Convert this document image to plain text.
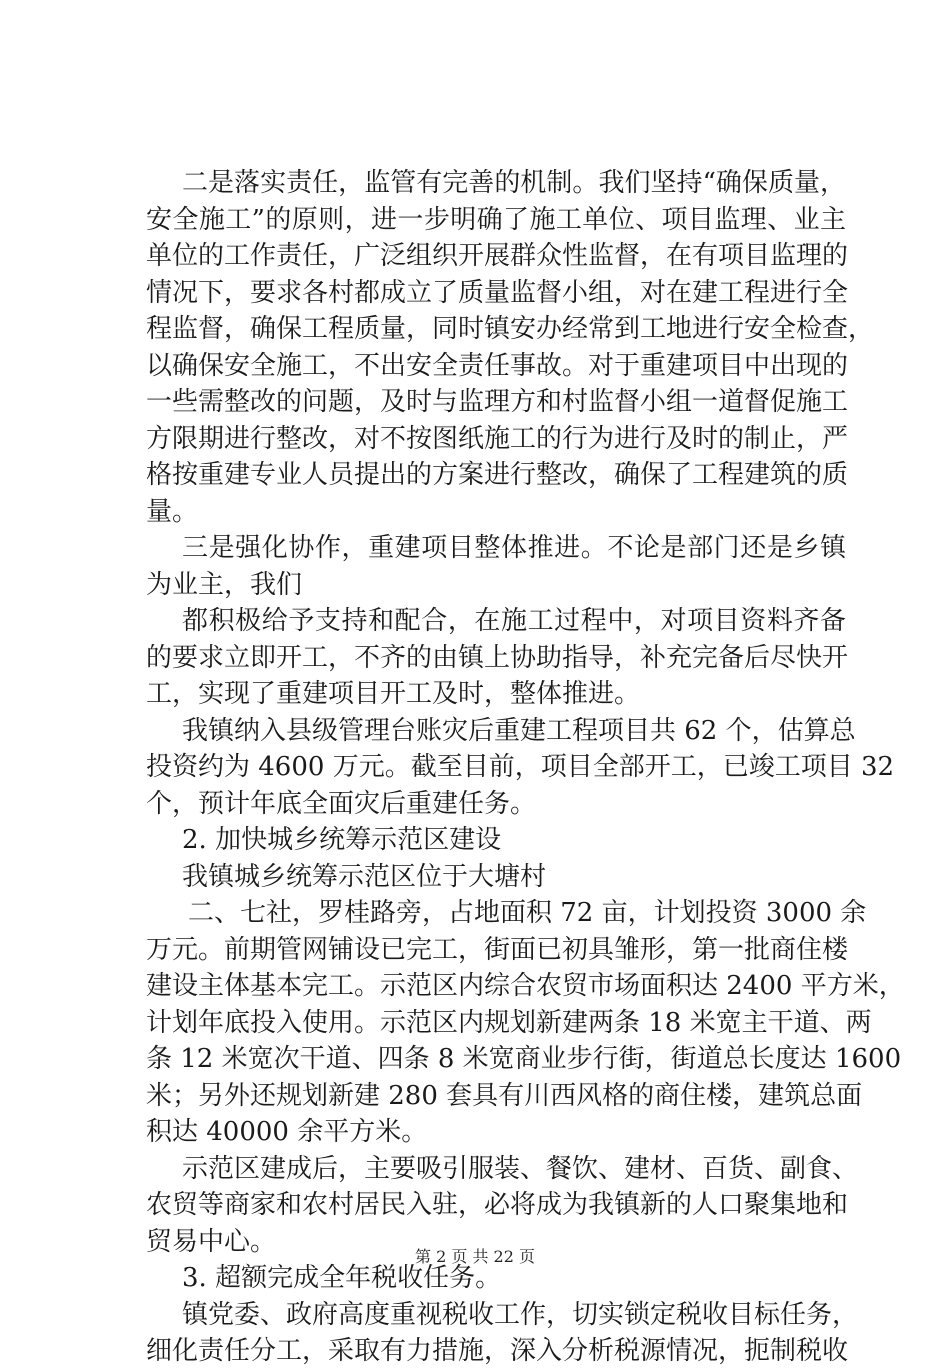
二是落实责任，监管有完善的机制。我们坚持“确保质量，
安全施工”的原则，进一步明确了施工单位、项目监理、业主
单位的工作责任，广泛组织开展群众性监督，在有项目监理的
情况下，要求各村都成立了质量监督小组，对在建工程进行全
程监督，确保工程质量，同时镇安办经常到工地进行安全检查，
以确保安全施工，不出安全责任事故。对于重建项目中出现的
一些需整改的问题，及时与监理方和村监督小组一道督促施工
方限期进行整改，对不按图纸施工的行为进行及时的制止，严
格按重建专业人员提出的方案进行整改，确保了工程建筑的质
量。
三是强化协作，重建项目整体推进。不论是部门还是乡镇
为业主，我们
都积极给予支持和配合，在施工过程中，对项目资料齐备
的要求立即开工，不齐的由镇上协助指导，补充完备后尽快开
工，实现了重建项目开工及时，整体推进。
我镇纳入县级管理台账灾后重建工程项目共 62 个，估算总
投资约为 4600 万元。截至目前，项目全部开工，已竣工项目 32
个，预计年底全面灾后重建任务。
2. 加快城乡统筹示范区建设
我镇城乡统筹示范区位于大塘村
二、七社，罗桂路旁，占地面积 72 亩，计划投资 3000 余
万元。前期管网铺设已完工，街面已初具雏形，第一批商住楼
建设主体基本完工。示范区内综合农贸市场面积达 2400 平方米，
计划年底投入使用。示范区内规划新建两条 18 米宽主干道、两
条 12 米宽次干道、四条 8 米宽商业步行街，街道总长度达 1600
米；另外还规划新建 280 套具有川西风格的商住楼，建筑总面
积达 40000 余平方米。
示范区建成后，主要吸引服装、餐饮、建材、百货、副食、
农贸等商家和农村居民入驻，必将成为我镇新的人口聚集地和
贸易中心。
3. 超额完成全年税收任务。
镇党委、政府高度重视税收工作，切实锁定税收目标任务，
细化责任分工，采取有力措施，深入分析税源情况，扼制税收
第 2 页 共 22 页
